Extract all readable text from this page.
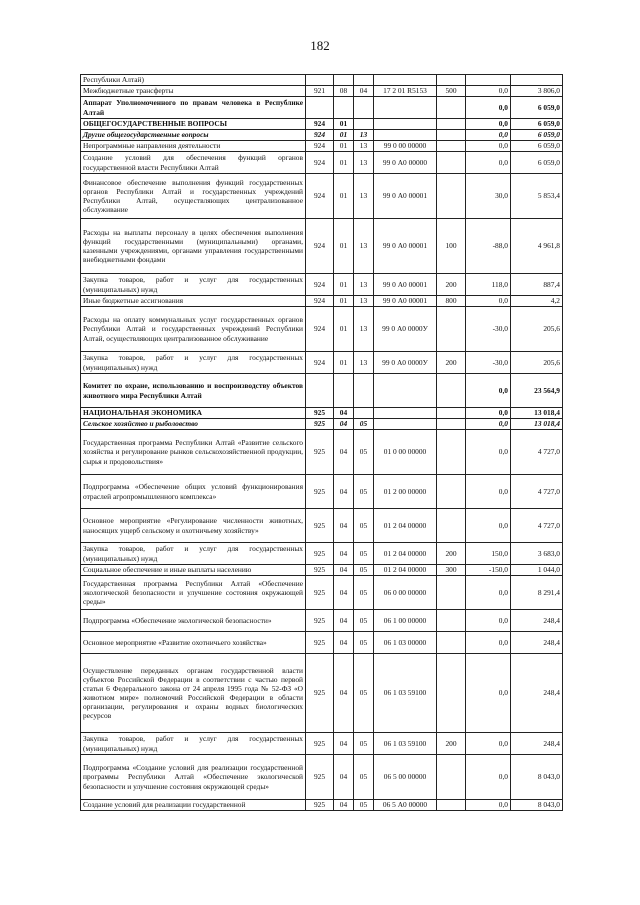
182
Республики Алтай)							
Межбюджетные трансферты	921	08	04	17 2 01 R5153	500	0,0	3 806,0
Аппарат Уполномоченного по правам человека в Республике Алтай						0,0	6 059,0
ОБЩЕГОСУДАРСТВЕННЫЕ ВОПРОСЫ	924	01				0,0	6 059,0
Другие общегосударственные вопросы	924	01	13			0,0	6 059,0
Непрограммные направления деятельности	924	01	13	99 0 00 00000		0,0	6 059,0
Создание условий для обеспечения функций органов государственной власти Республики Алтай	924	01	13	99 0 А0 00000		0,0	6 059,0
Финансовое обеспечение выполнения функций государственных органов Республики Алтай и государственных учреждений Республики Алтай, осуществляющих централизованное обслуживание	924	01	13	99 0 А0 00001		30,0	5 853,4
Расходы на выплаты персоналу в целях обеспечения выполнения функций государственными (муниципальными) органами, казенными учреждениями, органами управления государственными внебюджетными фондами	924	01	13	99 0 А0 00001	100	-88,0	4 961,8
Закупка товаров, работ и услуг для государственных (муниципальных) нужд	924	01	13	99 0 А0 00001	200	118,0	887,4
Иные бюджетные ассигнования	924	01	13	99 0 А0 00001	800	0,0	4,2
Расходы на оплату коммунальных услуг государственных органов Республики Алтай и государственных учреждений Республики Алтай, осуществляющих централизованное обслуживание	924	01	13	99 0 А0 0000У		-30,0	205,6
Закупка товаров, работ и услуг для государственных (муниципальных) нужд	924	01	13	99 0 А0 0000У	200	-30,0	205,6
Комитет по охране, использованию и воспроизводству объектов животного мира Республики Алтай						0,0	23 564,9
НАЦИОНАЛЬНАЯ ЭКОНОМИКА	925	04				0,0	13 018,4
Сельское хозяйство и рыболовство	925	04	05			0,0	13 018,4
Государственная программа Республики Алтай «Развитие сельского хозяйства и регулирование рынков сельскохозяйственной продукции, сырья и продовольствия»	925	04	05	01 0 00 00000		0,0	4 727,0
Подпрограмма «Обеспечение общих условий функционирования отраслей агропромышленного комплекса»	925	04	05	01 2 00 00000		0,0	4 727,0
Основное мероприятие «Регулирование численности животных, наносящих ущерб сельскому и охотничьему хозяйству»	925	04	05	01 2 04 00000		0,0	4 727,0
Закупка товаров, работ и услуг для государственных (муниципальных) нужд	925	04	05	01 2 04 00000	200	150,0	3 683,0
Социальное обеспечение и иные выплаты населению	925	04	05	01 2 04 00000	300	-150,0	1 044,0
Государственная программа Республики Алтай «Обеспечение экологической безопасности и улучшение состояния окружающей среды»	925	04	05	06 0 00 00000		0,0	8 291,4
Подпрограмма «Обеспечение экологической безопасности»	925	04	05	06 1 00 00000		0,0	248,4
Основное мероприятие «Развитие охотничьего хозяйства»	925	04	05	06 1 03 00000		0,0	248,4
Осуществление переданных органам государственной власти субъектов Российской Федерации в соответствии с частью первой статьи 6 Федерального закона от 24 апреля 1995 года № 52-ФЗ «О животном мире» полномочий Российской Федерации в области организации, регулирования и охраны водных биологических ресурсов	925	04	05	06 1 03 59100		0,0	248,4
Закупка товаров, работ и услуг для государственных (муниципальных) нужд	925	04	05	06 1 03 59100	200	0,0	248,4
Подпрограмма «Создание условий для реализации государственной программы Республики Алтай «Обеспечение экологической безопасности и улучшение состояния окружающей среды»	925	04	05	06 5 00 00000		0,0	8 043,0
Создание условий для реализации государственной	925	04	05	06 5 А0 00000		0,0	8 043,0
